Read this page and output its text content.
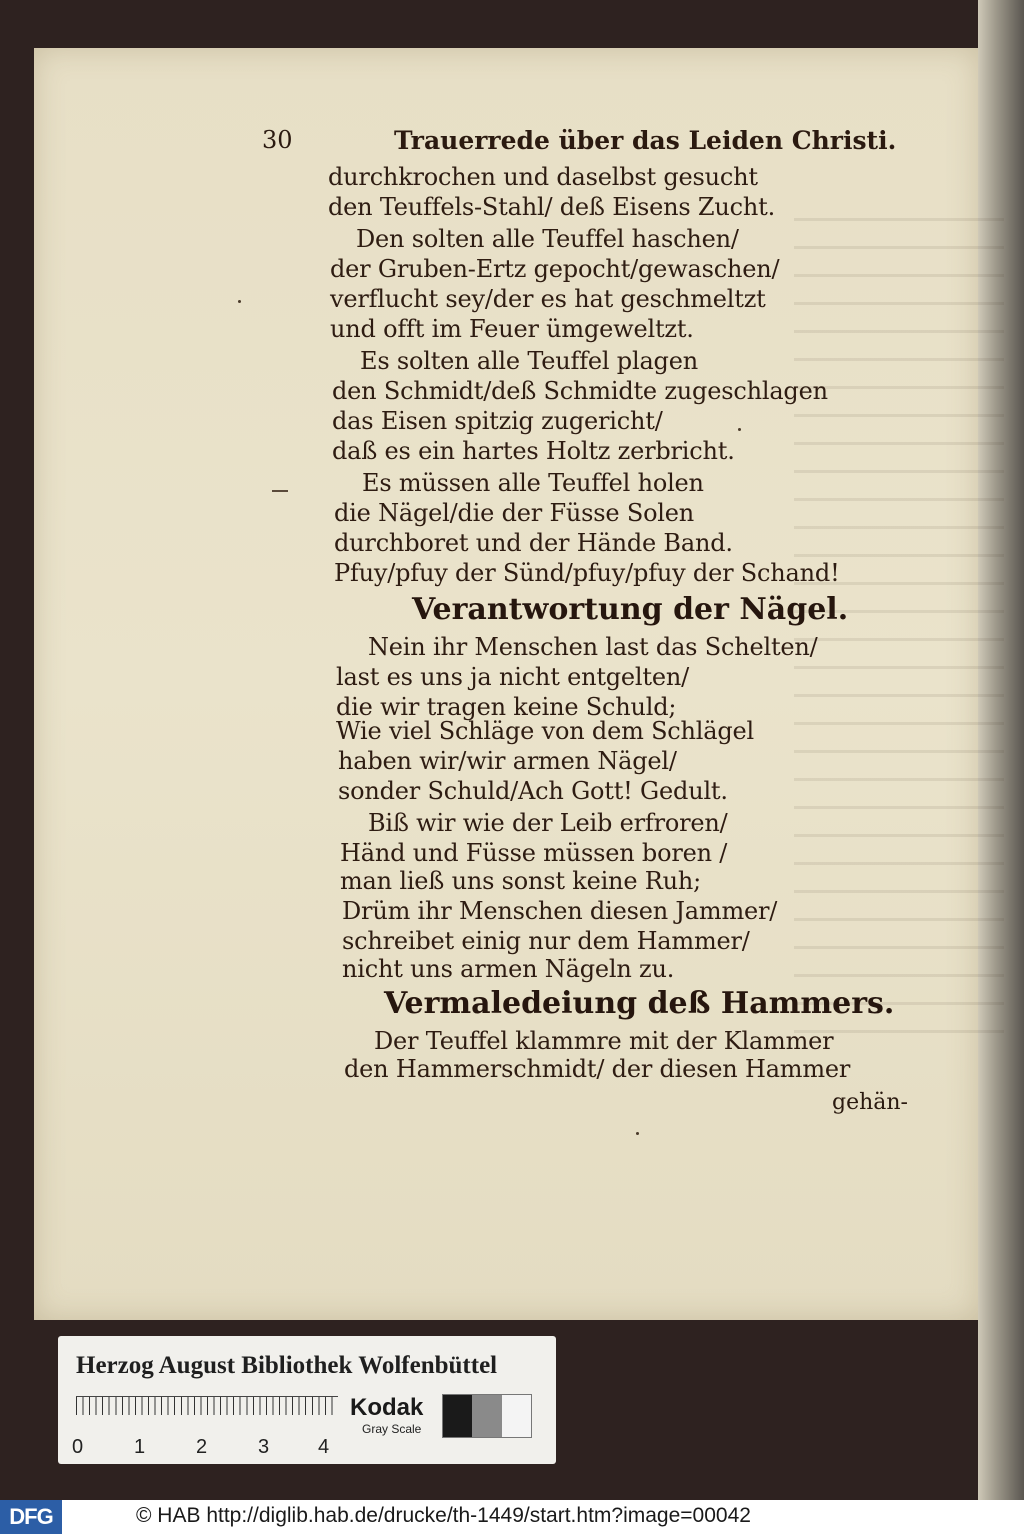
30	Trauerrede über das Leiden Christi.
durchkrochen und daselbst gesucht
den Teuffels-Stahl/ deß Eisens Zucht.
Den solten alle Teuffel haschen/
der Gruben-Ertz gepocht/gewaschen/
verflucht sey/der es hat geschmeltzt
und offt im Feuer ümgeweltzt.
Es solten alle Teuffel plagen
den Schmidt/deß Schmidte zugeschlagen
das Eisen spitzig zugericht/
daß es ein hartes Holtz zerbricht.
Es müssen alle Teuffel holen
die Nägel/die der Füsse Solen
durchboret und der Hände Band.
Pfuy/pfuy der Sünd/pfuy/pfuy der Schand!
Verantwortung der Nägel.
Nein ihr Menschen last das Schelten/
last es uns ja nicht entgelten/
die wir tragen keine Schuld;
Wie viel Schläge von dem Schlägel
haben wir/wir armen Nägel/
sonder Schuld/Ach Gott! Gedult.
Biß wir wie der Leib erfroren/
Händ und Füsse müssen boren /
man ließ uns sonst keine Ruh;
Drüm ihr Menschen diesen Jammer/
schreibet einig nur dem Hammer/
nicht uns armen Nägeln zu.
Vermaledeiung deß Hammers.
Der Teuffel klammre mit der Klammer
den Hammerschmidt/ der diesen Hammer
gehän-
Herzog August Bibliothek Wolfenbüttel
0	1	2	3 4
Kodak
Gray Scale
DFG	© HAB http://diglib.hab.de/drucke/th-1449/start.htm?image=00042
